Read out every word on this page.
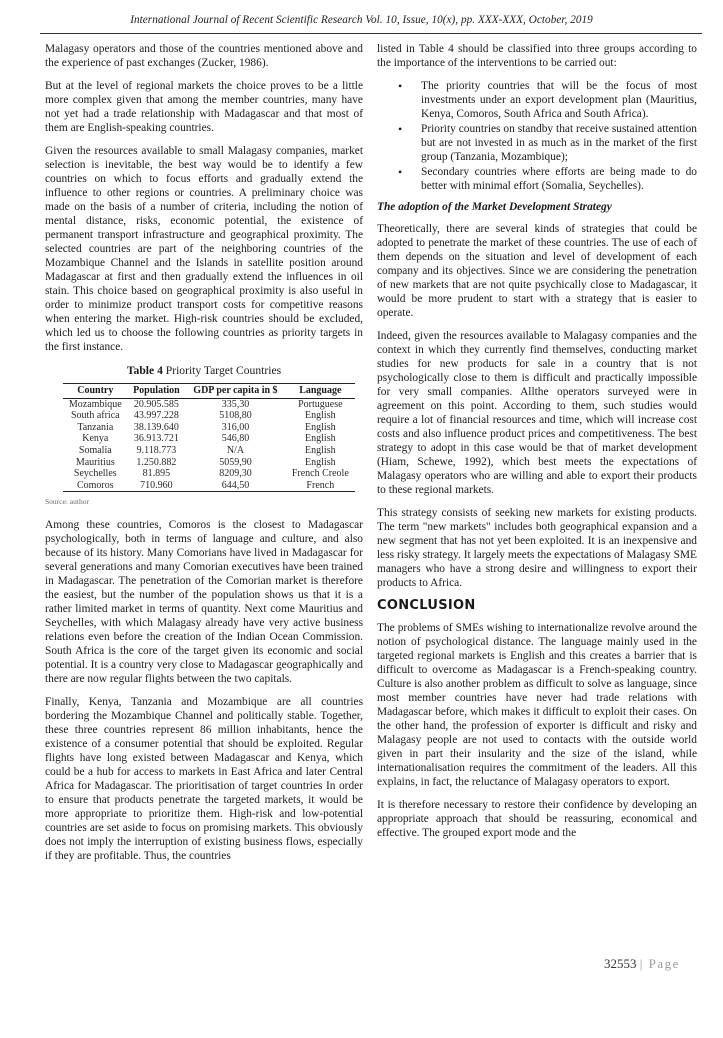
International Journal of Recent Scientific Research Vol. 10, Issue, 10(x), pp. XXX-XXX, October, 2019

Malagasy operators and those of the countries mentioned above and the experience of past exchanges (Zucker, 1986).

But at the level of regional markets the choice proves to be a little more complex given that among the member countries, many have not yet had a trade relationship with Madagascar and that most of them are English-speaking countries.

Given the resources available to small Malagasy companies, market selection is inevitable, the best way would be to identify a few countries on which to focus efforts and gradually extend the influence to other regions or countries. A preliminary choice was made on the basis of a number of criteria, including the notion of mental distance, risks, economic potential, the existence of permanent transport infrastructure and geographical proximity. The selected countries are part of the neighboring countries of the Mozambique Channel and the Islands in satellite position around Madagascar at first and then gradually extend the influences in oil stain. This choice based on geographical proximity is also useful in order to minimize product transport costs for competitive reasons when entering the market. High-risk countries should be excluded, which led us to choose the following countries as priority targets in the first instance.

Table 4 Priority Target Countries
Country	Population	GDP per capita in $	Language
Mozambique	20.905.585	335,30	Portuguese
South africa	43.997.228	5108,80	English
Tanzania	38.139.640	316,00	English
Kenya	36.913.721	546,80	English
Somalia	9.118.773	N/A	English
Mauritius	1.250.882	5059,90	English
Seychelles	81.895	8209,30	French Creole
Comoros	710.960	644,50	French
Source: author

Among these countries, Comoros is the closest to Madagascar psychologically, both in terms of language and culture, and also because of its history. Many Comorians have lived in Madagascar for several generations and many Comorian executives have been trained in Madagascar. The penetration of the Comorian market is therefore the easiest, but the number of the population shows us that it is a rather limited market in terms of quantity. Next come Mauritius and Seychelles, with which Malagasy already have very active business relations even before the creation of the Indian Ocean Commission. South Africa is the core of the target given its economic and social potential. It is a country very close to Madagascar geographically and there are now regular flights between the two capitals.

Finally, Kenya, Tanzania and Mozambique are all countries bordering the Mozambique Channel and politically stable. Together, these three countries represent 86 million inhabitants, hence the existence of a consumer potential that should be exploited. Regular flights have long existed between Madagascar and Kenya, which could be a hub for access to markets in East Africa and later Central Africa for Madagascar. The prioritisation of target countries In order to ensure that products penetrate the targeted markets, it would be more appropriate to prioritize them. High-risk and low-potential countries are set aside to focus on promising markets. This obviously does not imply the interruption of existing business flows, especially if they are profitable. Thus, the countries

listed in Table 4 should be classified into three groups according to the importance of the interventions to be carried out:

• The priority countries that will be the focus of most investments under an export development plan (Mauritius, Kenya, Comoros, South Africa and South Africa).
• Priority countries on standby that receive sustained attention but are not invested in as much as in the market of the first group (Tanzania, Mozambique);
• Secondary countries where efforts are being made to do better with minimal effort (Somalia, Seychelles).
The adoption of the Market Development Strategy

Theoretically, there are several kinds of strategies that could be adopted to penetrate the market of these countries. The use of each of them depends on the situation and level of development of each company and its objectives. Since we are considering the penetration of new markets that are not quite psychically close to Madagascar, it would be more prudent to start with a strategy that is easier to operate.

Indeed, given the resources available to Malagasy companies and the context in which they currently find themselves, conducting market studies for new products for sale in a country that is not psychologically close to them is difficult and practically impossible for very small companies. Allthe operators surveyed were in agreement on this point. According to them, such studies would require a lot of financial resources and time, which will increase cost costs and also influence product prices and competitiveness. The best strategy to adopt in this case would be that of market development (Hiam, Schewe, 1992), which best meets the expectations of Malagasy operators who are willing and able to export their products to these regional markets.

This strategy consists of seeking new markets for existing products. The term "new markets" includes both geographical expansion and a new segment that has not yet been exploited. It is an inexpensive and less risky strategy. It largely meets the expectations of Malagasy SME managers who have a strong desire and willingness to export their products to Africa.

CONCLUSION

The problems of SMEs wishing to internationalize revolve around the notion of psychological distance. The language mainly used in the targeted regional markets is English and this creates a barrier that is difficult to overcome as Madagascar is a French-speaking country. Culture is also another problem as difficult to solve as language, since most member countries have never had trade relations with Madagascar before, which makes it difficult to exploit their cases. On the other hand, the profession of exporter is difficult and risky and Malagasy people are not used to contacts with the outside world given in part their insularity and the size of the island, while internationalisation requires the commitment of the leaders. All this explains, in fact, the reluctance of Malagasy operators to export.

It is therefore necessary to restore their confidence by developing an appropriate approach that should be reassuring, economical and effective. The grouped export mode and the

32553 | Page
